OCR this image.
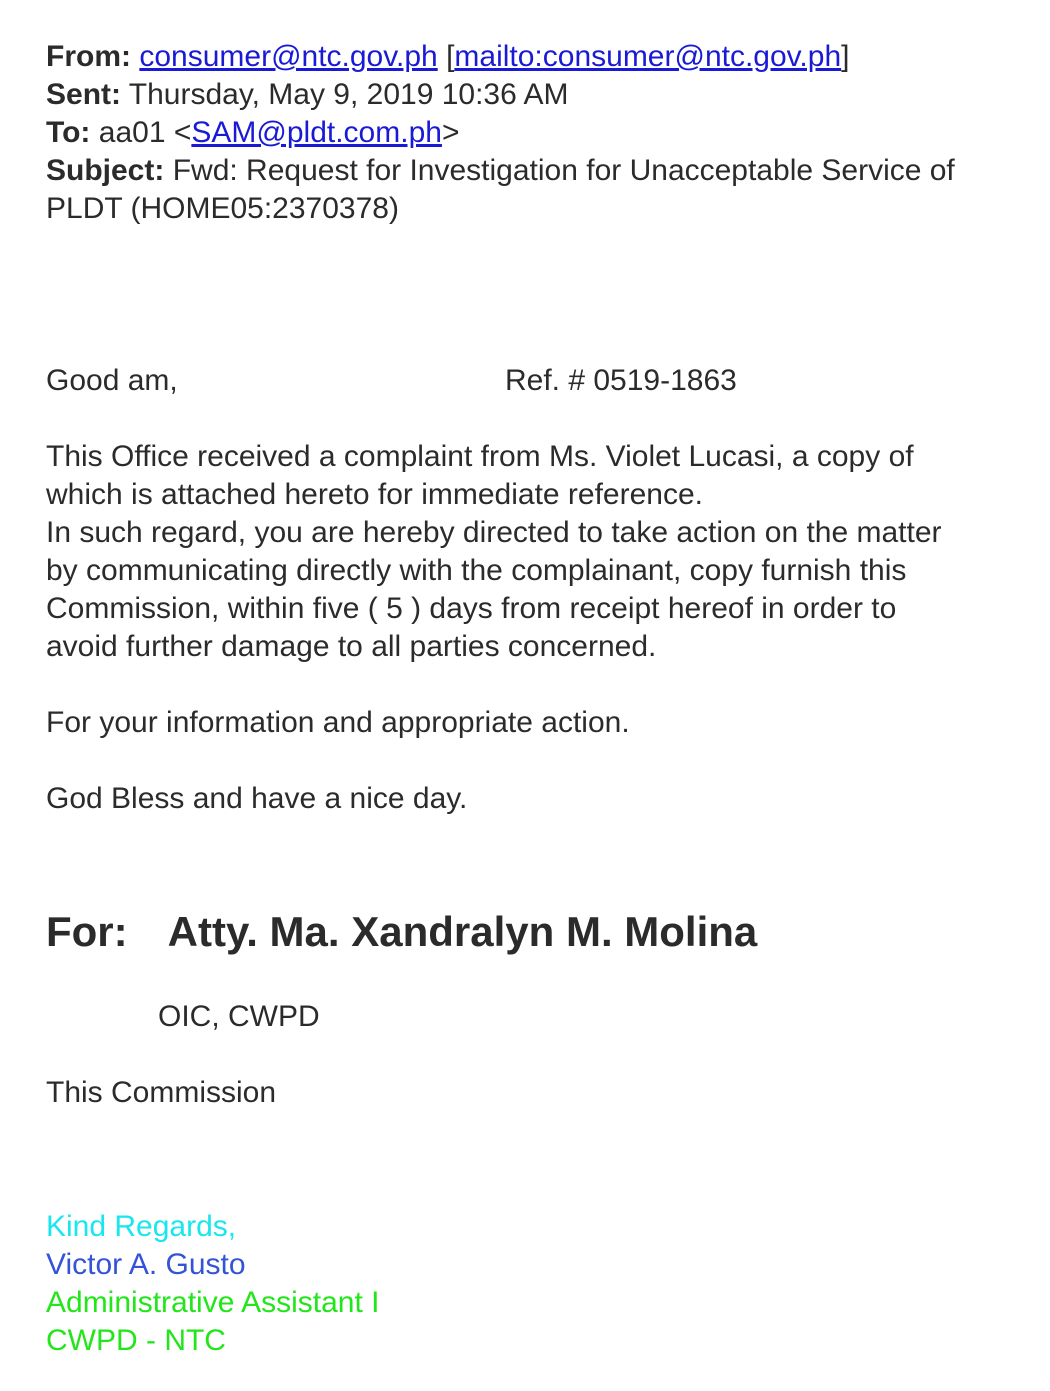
From: consumer@ntc.gov.ph [mailto:consumer@ntc.gov.ph]
Sent: Thursday, May 9, 2019 10:36 AM
To: aa01 <SAM@pldt.com.ph>
Subject: Fwd: Request for Investigation for Unacceptable Service of PLDT (HOME05:2370378)
Good am,	Ref. # 0519-1863
This Office received a complaint from Ms. Violet Lucasi, a copy of
which is attached hereto for immediate reference.
In such regard, you are hereby directed to take action on the matter
by communicating directly with the complainant, copy furnish this
Commission, within five ( 5 ) days from receipt hereof in order to
avoid further damage to all parties concerned.
For your information and appropriate action.
God Bless and have a nice day.
For: Atty. Ma. Xandralyn M. Molina
OIC, CWPD
This Commission
Kind Regards,
Victor A. Gusto
Administrative Assistant I
CWPD - NTC
